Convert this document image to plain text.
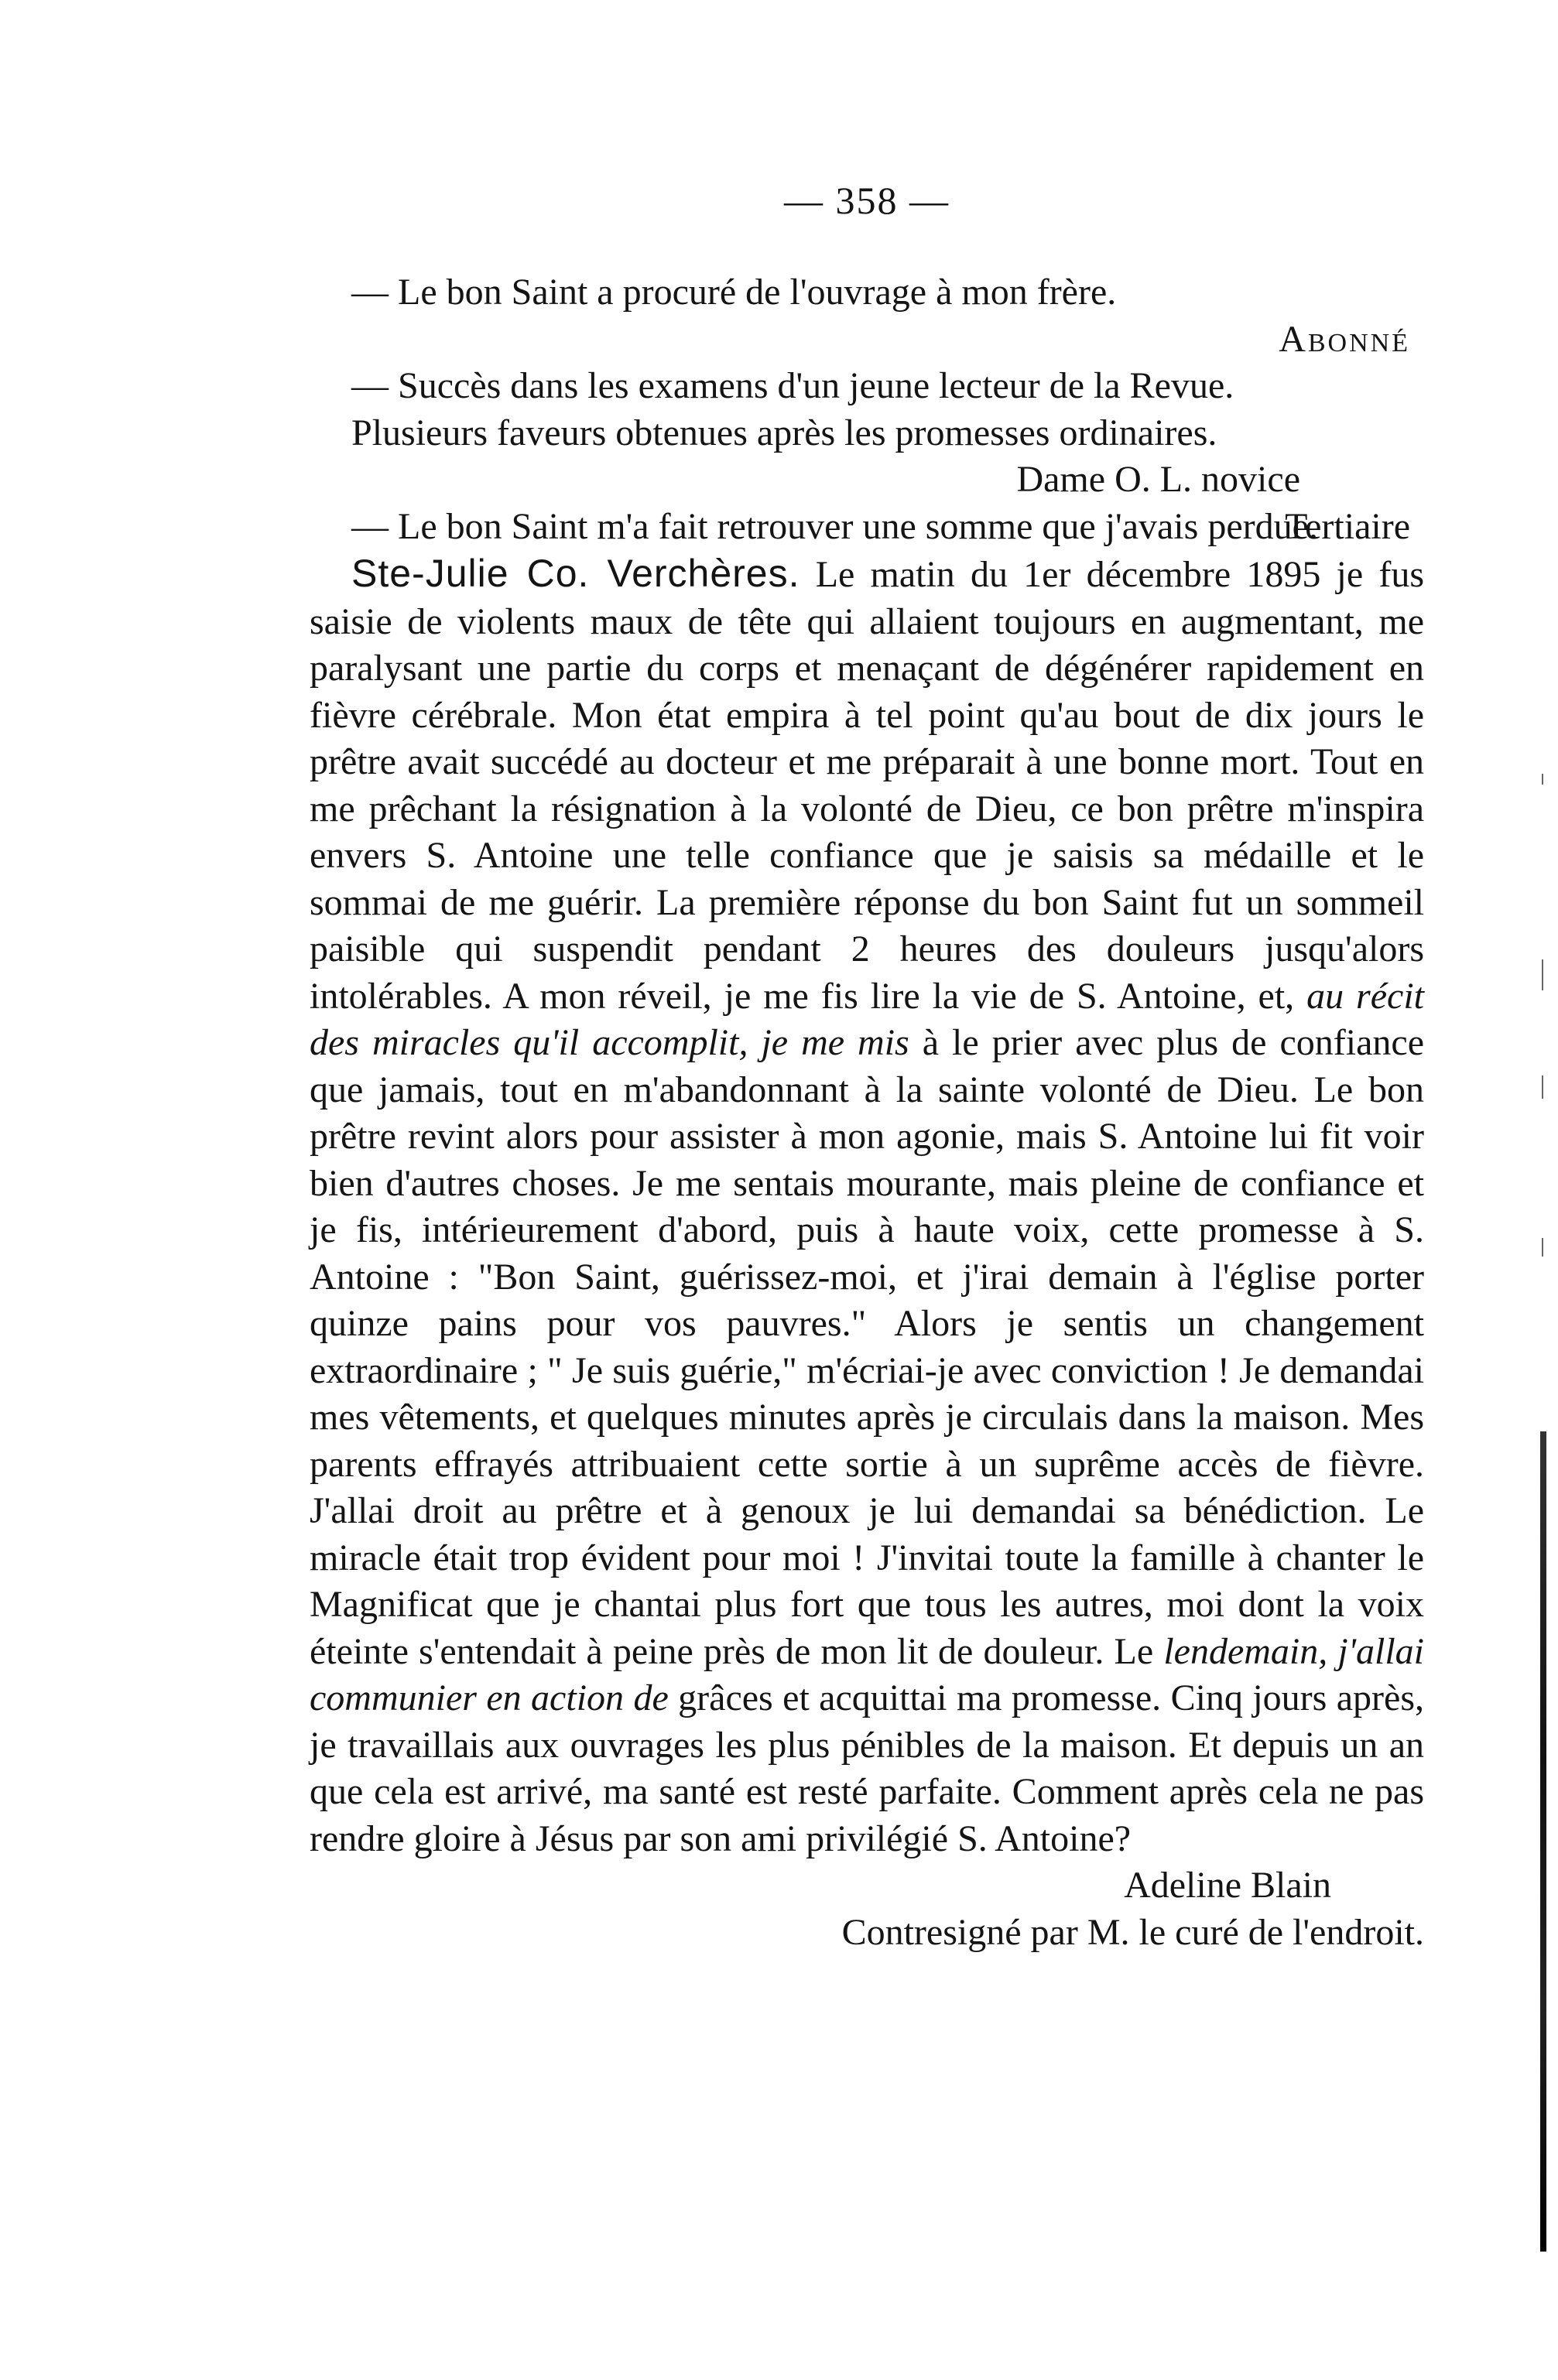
— 358 —

— Le bon Saint a procuré de l'ouvrage à mon frère.

Abonné

— Succès dans les examens d'un jeune lecteur de la Revue.

Plusieurs faveurs obtenues après les promesses ordinaires.

Dame O. L. novice

— Le bon Saint m'a fait retrouver une somme que j'avais perdue.

Tertiaire

Ste-Julie Co. Verchères. Le matin du 1er décembre 1895 je fus saisie de violents maux de tête qui allaient toujours en augmentant, me paralysant une partie du corps et menaçant de dégénérer rapidement en fièvre cérébrale. Mon état empira à tel point qu'au bout de dix jours le prêtre avait succédé au docteur et me préparait à une bonne mort. Tout en me prêchant la résignation à la volonté de Dieu, ce bon prêtre m'inspira envers S. Antoine une telle confiance que je saisis sa médaille et le sommai de me guérir. La première réponse du bon Saint fut un sommeil paisible qui suspendit pendant 2 heures des douleurs jusqu'alors intolérables. A mon réveil, je me fis lire la vie de S. Antoine, et, au récit des miracles qu'il accomplit, je me mis à le prier avec plus de confiance que jamais, tout en m'abandonnant à la sainte volonté de Dieu. Le bon prêtre revint alors pour assister à mon agonie, mais S. Antoine lui fit voir bien d'autres choses. Je me sentais mourante, mais pleine de confiance et je fis, intérieurement d'abord, puis à haute voix, cette promesse à S. Antoine : "Bon Saint, guérissez-moi, et j'irai demain à l'église porter quinze pains pour vos pauvres." Alors je sentis un changement extraordinaire ; " Je suis guérie," m'écriai-je avec conviction ! Je demandai mes vêtements, et quelques minutes après je circulais dans la maison. Mes parents effrayés attribuaient cette sortie à un suprême accès de fièvre. J'allai droit au prêtre et à genoux je lui demandai sa bénédiction. Le miracle était trop évident pour moi ! J'invitai toute la famille à chanter le Magnificat que je chantai plus fort que tous les autres, moi dont la voix éteinte s'entendait à peine près de mon lit de douleur. Le lendemain, j'allai communier en action de grâces et acquittai ma promesse. Cinq jours après, je travaillais aux ouvrages les plus pénibles de la maison. Et depuis un an que cela est arrivé, ma santé est resté parfaite. Comment après cela ne pas rendre gloire à Jésus par son ami privilégié S. Antoine?

Adeline Blain

Contresigné par M. le curé de l'endroit.
